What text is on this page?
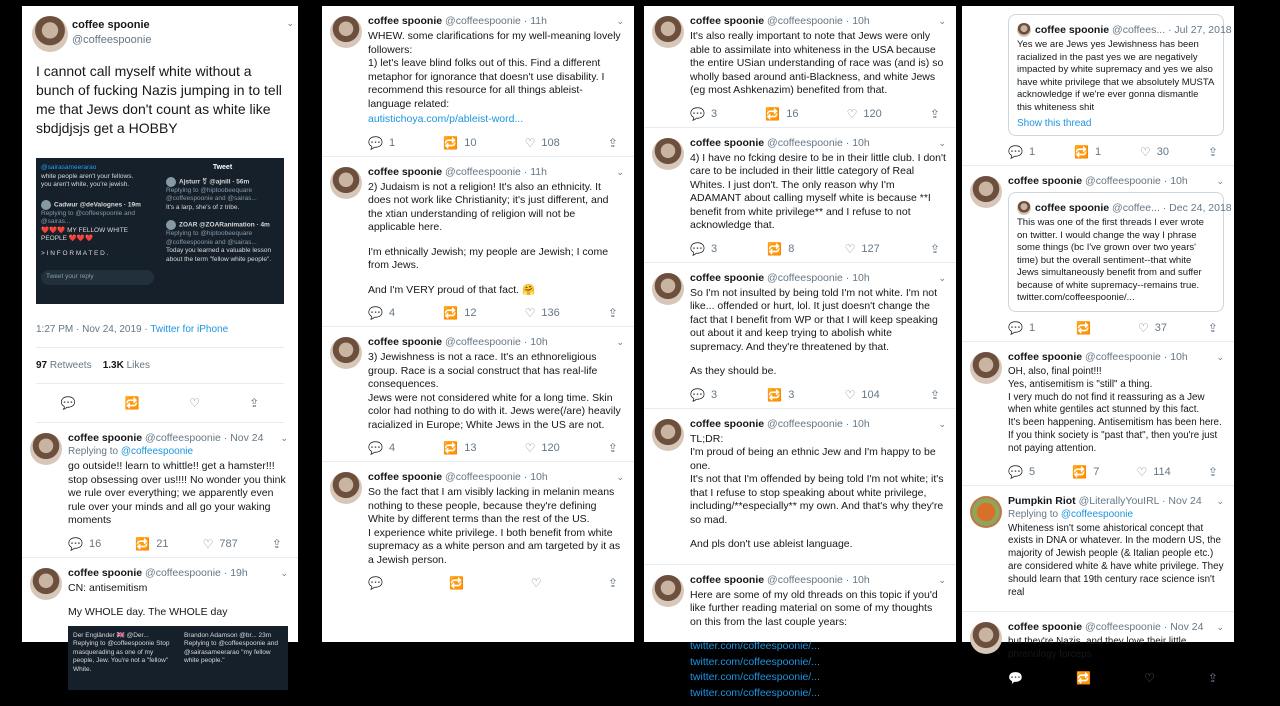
coffee spoonie
@coffeespoonie
⌄
I cannot call myself white without a bunch of fucking Nazis jumping in to tell me that Jews don't count as white like sbdjdjsjs get a HOBBY
@sairasameeraraо
white people aren't your fellows.
you aren't white, you're jewish.
Cadwur @deValognes · 19m
Replying to @coffeespoonie and @sairas...
❤️❤️❤️ MY FELLOW WHITE PEOPLE ❤️❤️❤️
> I N F O R M A T E D .
Tweet your reply
Tweet
Ajsturr ⚧ @ajnill · 56m
Replying to @hiptoobeequare @coffeespoonie and @sairas...
It's a larp, she's of z tribe.
ZOAR @ZOARanimation · 4m
Replying to @hiptoobeequare @coffeespoonie and @sairas...
Today you learned a valuable lesson about the term "fellow white people".
1:27 PM · Nov 24, 2019 · Twitter for iPhone
97 Retweets 1.3K Likes
💬	🔁	♡	⇪
⌄
coffee spoonie @coffeespoonie · Nov 24
Replying to @coffeespoonie
go outside!! learn to whittle!! get a hamster!!! stop obsessing over us!!!! No wonder you think we rule over everything; we apparently even rule over your minds and all go your waking moments
💬 16	🔁 21	♡ 787	⇪
⌄
coffee spoonie @coffeespoonie · 19h
CN: antisemitism
My WHOLE day. The WHOLE day
Der Engländer 🇬🇧 @Der... Replying to @coffeespoonie Stop masquerading as one of my people, Jew. You're not a "fellow" White.
Brandon Adamson @br... 23m Replying to @coffeespoonie and @sairasameeraraо "my fellow white people."
⌄
coffee spoonie @coffeespoonie · 11h
WHEW. some clarifications for my well-meaning lovely followers:
1) let's leave blind folks out of this. Find a different metaphor for ignorance that doesn't use disability. I recommend this resource for all things ableist-language related:
autistichoya.com/p/ableist-word...
💬 1	🔁 10	♡ 108	⇪
⌄
coffee spoonie @coffeespoonie · 11h
2) Judaism is not a religion! It's also an ethnicity. It does not work like Christianity; it's just different, and the xtian understanding of religion will not be applicable here.
I'm ethnically Jewish; my people are Jewish; I come from Jews.
And I'm VERY proud of that fact. 🤗
💬 4	🔁 12	♡ 136	⇪
⌄
coffee spoonie @coffeespoonie · 10h
3) Jewishness is not a race. It's an ethnoreligious group. Race is a social construct that has real-life consequences.
Jews were not considered white for a long time. Skin color had nothing to do with it. Jews were(/are) heavily racialized in Europe; White Jews in the US are not.
💬 4	🔁 13	♡ 120	⇪
⌄
coffee spoonie @coffeespoonie · 10h
So the fact that I am visibly lacking in melanin means nothing to these people, because they're defining White by different terms than the rest of the US.
I experience white privilege. I both benefit from white supremacy as a white person and am targeted by it as a Jewish person.
💬	🔁	♡	⇪
⌄
coffee spoonie @coffeespoonie · 10h
It's also really important to note that Jews were only able to assimilate into whiteness in the USA because the entire USian understanding of race was (and is) so wholly based around anti-Blackness, and white Jews (eg most Ashkenazim) benefited from that.
💬 3	🔁 16	♡ 120	⇪
⌄
coffee spoonie @coffeespoonie · 10h
4) I have no fcking desire to be in their little club. I don't care to be included in their little category of Real Whites. I just don't. The only reason why I'm ADAMANT about calling myself white is because **I benefit from white privilege** and I refuse to not acknowledge that.
💬 3	🔁 8	♡ 127	⇪
⌄
coffee spoonie @coffeespoonie · 10h
So I'm not insulted by being told I'm not white. I'm not like... offended or hurt, lol. It just doesn't change the fact that I benefit from WP or that I will keep speaking out about it and keep trying to abolish white supremacy. And they're threatened by that.
As they should be.
💬 3	🔁 3	♡ 104	⇪
⌄
coffee spoonie @coffeespoonie · 10h
TL;DR:
I'm proud of being an ethnic Jew and I'm happy to be one.
It's not that I'm offended by being told I'm not white; it's that I refuse to stop speaking about white privilege, including/**especially** my own. And that's why they're so mad.
And pls don't use ableist language.
⌄
coffee spoonie @coffeespoonie · 10h
Here are some of my old threads on this topic if you'd like further reading material on some of my thoughts on this from the last couple years:
twitter.com/coffeespoonie/...
twitter.com/coffeespoonie/...
twitter.com/coffeespoonie/...
twitter.com/coffeespoonie/...
coffee spoonie @coffees... · Jul 27, 2018
Yes we are Jews yes Jewishness has been racialized in the past yes we are negatively impacted by white supremacy and yes we also have white privilege that we absolutely MUSTA acknowledge if we're ever gonna dismantle this whiteness shit
Show this thread
💬 1	🔁 1	♡ 30	⇪
⌄
coffee spoonie @coffeespoonie · 10h
coffee spoonie @coffee... · Dec 24, 2018
This was one of the first threads I ever wrote on twitter. I would change the way I phrase some things (bc I've grown over two years' time) but the overall sentiment--that white Jews simultaneously benefit from and suffer because of white supremacy--remains true. twitter.com/coffeespoonie/...
💬 1	🔁	♡ 37	⇪
⌄
coffee spoonie @coffeespoonie · 10h
OH, also, final point!!!
Yes, antisemitism is "still" a thing.
I very much do not find it reassuring as a Jew when white gentiles act stunned by this fact.
It's been happening. Antisemitism has been here.
If you think society is "past that", then you're just not paying attention.
💬 5	🔁 7	♡ 114	⇪
⌄
Pumpkin Riot @LiterallyYouIRL · Nov 24
Replying to @coffeespoonie
Whiteness isn't some ahistorical concept that exists in DNA or whatever. In the modern US, the majority of Jewish people (& Italian people etc.) are considered white & have white privilege. They should learn that 19th century race science isn't real
⌄
coffee spoonie @coffeespoonie · Nov 24
but they're Nazis, and they love their little phrenology forceps
💬	🔁	♡	⇪
